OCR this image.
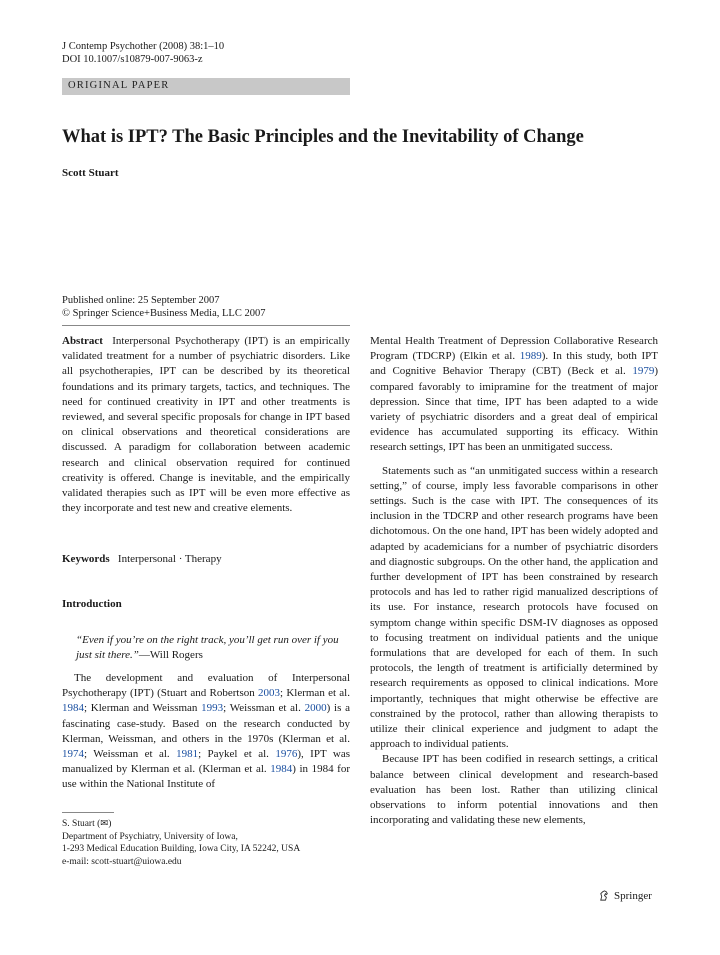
J Contemp Psychother (2008) 38:1–10
DOI 10.1007/s10879-007-9063-z
ORIGINAL PAPER
What is IPT? The Basic Principles and the Inevitability of Change
Scott Stuart
Published online: 25 September 2007
© Springer Science+Business Media, LLC 2007

Abstract Interpersonal Psychotherapy (IPT) is an empirically validated treatment for a number of psychiatric disorders. Like all psychotherapies, IPT can be described by its theoretical foundations and its primary targets, tactics, and techniques. The need for continued creativity in IPT and other treatments is reviewed, and several specific proposals for change in IPT based on clinical observations and theoretical considerations are discussed. A paradigm for collaboration between academic research and clinical observation required for continued creativity is offered. Change is inevitable, and the empirically validated therapies such as IPT will be even more effective as they incorporate and test new and creative elements.

Keywords Interpersonal · Therapy

Introduction

“Even if you’re on the right track, you’ll get run over if you just sit there.”—Will Rogers

The development and evaluation of Interpersonal Psychotherapy (IPT) (Stuart and Robertson 2003; Klerman et al. 1984; Klerman and Weissman 1993; Weissman et al. 2000) is a fascinating case-study. Based on the research conducted by Klerman, Weissman, and others in the 1970s (Klerman et al. 1974; Weissman et al. 1981; Paykel et al. 1976), IPT was manualized by Klerman et al. (Klerman et al. 1984) in 1984 for use within the National Institute of

S. Stuart (✉)
Department of Psychiatry, University of Iowa,
1-293 Medical Education Building, Iowa City, IA 52242, USA
e-mail: scott-stuart@uiowa.edu

Mental Health Treatment of Depression Collaborative Research Program (TDCRP) (Elkin et al. 1989). In this study, both IPT and Cognitive Behavior Therapy (CBT) (Beck et al. 1979) compared favorably to imipramine for the treatment of major depression. Since that time, IPT has been adapted to a wide variety of psychiatric disorders and a great deal of empirical evidence has accumulated supporting its efficacy. Within research settings, IPT has been an unmitigated success.

Statements such as “an unmitigated success within a research setting,” of course, imply less favorable comparisons in other settings. Such is the case with IPT. The consequences of its inclusion in the TDCRP and other research programs have been dichotomous. On the one hand, IPT has been widely adopted and adapted by academicians for a number of psychiatric disorders and diagnostic subgroups. On the other hand, the application and further development of IPT has been constrained by research protocols and has led to rather rigid manualized descriptions of its use. For instance, research protocols have focused on symptom change within specific DSM-IV diagnoses as opposed to focusing treatment on individual patients and the unique formulations that are developed for each of them. In such protocols, the length of treatment is artificially determined by research requirements as opposed to clinical indications. More importantly, techniques that might otherwise be effective are constrained by the protocol, rather than allowing therapists to utilize their clinical experience and judgment to adapt the approach to individual patients.

Because IPT has been codified in research settings, a critical balance between clinical development and research-based evaluation has been lost. Rather than utilizing clinical observations to inform potential innovations and then incorporating and validating these new elements,

Springer
